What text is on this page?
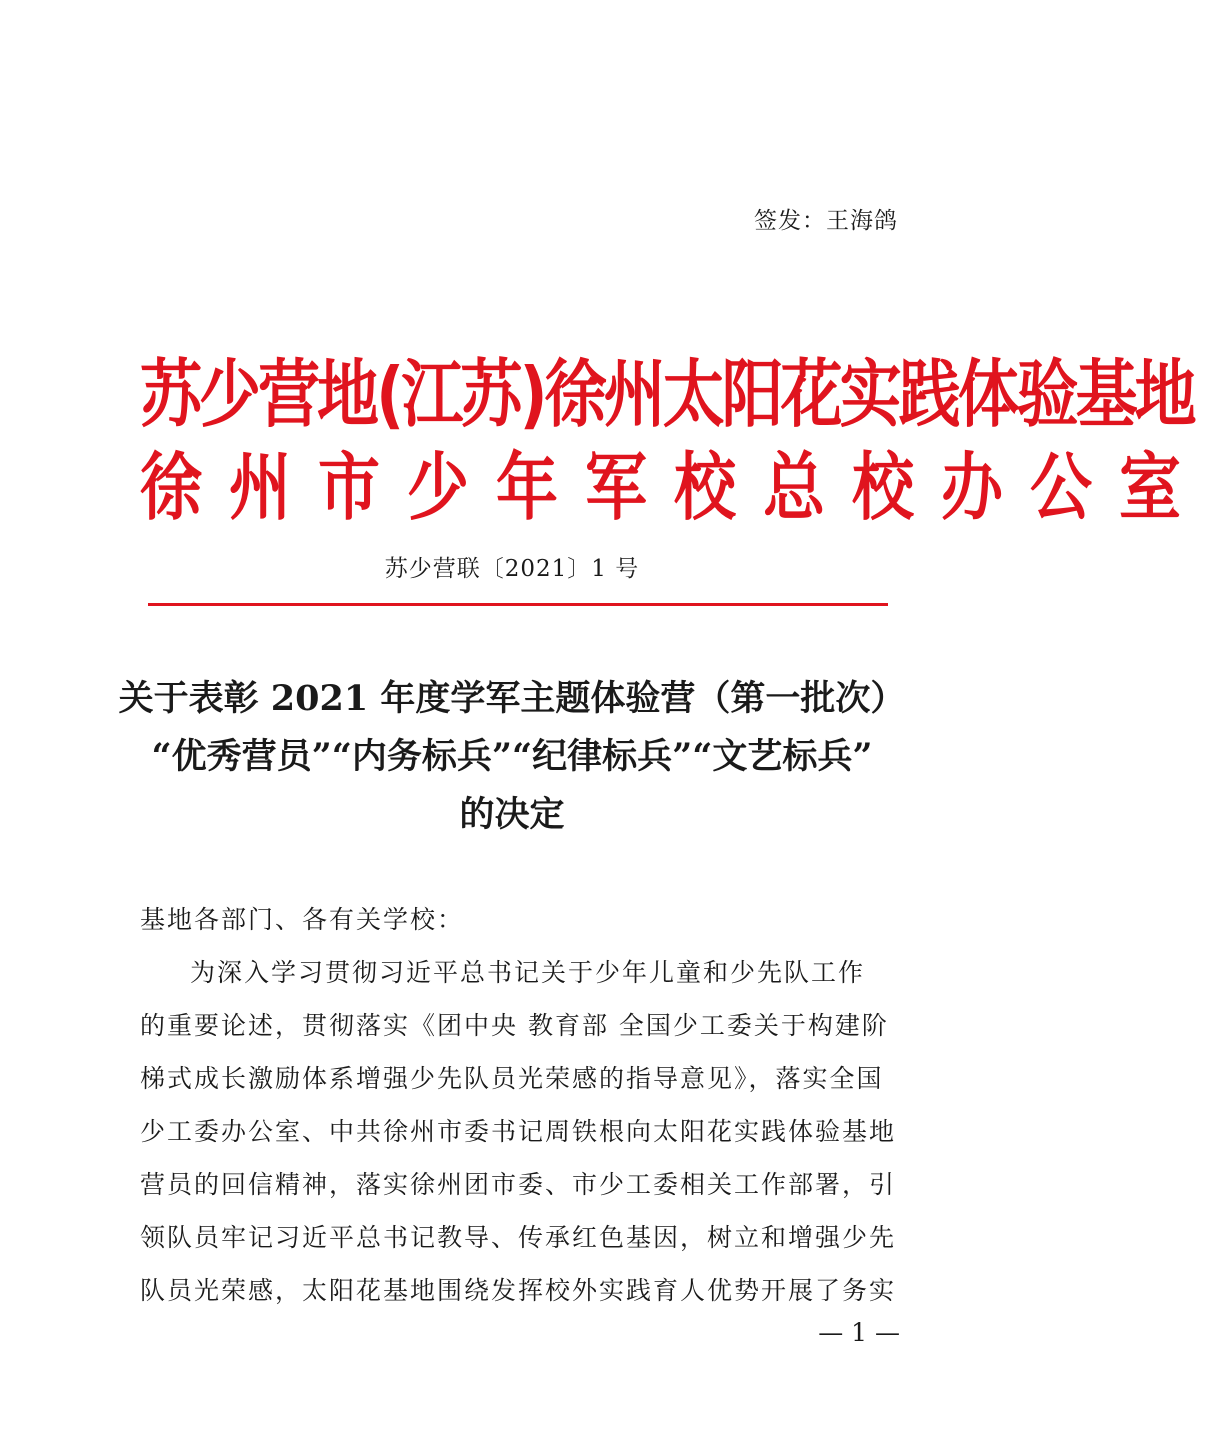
签发：王海鸽
苏少营地(江苏)徐州太阳花实践体验基地
徐州市少年军校总校办公室
苏少营联〔2021〕1 号
关于表彰 2021 年度学军主题体验营（第一批次）
“优秀营员”“内务标兵”“纪律标兵”“文艺标兵”
的决定
基地各部门、各有关学校：
为深入学习贯彻习近平总书记关于少年儿童和少先队工作
的重要论述，贯彻落实《团中央 教育部 全国少工委关于构建阶
梯式成长激励体系增强少先队员光荣感的指导意见》，落实全国
少工委办公室、中共徐州市委书记周铁根向太阳花实践体验基地
营员的回信精神，落实徐州团市委、市少工委相关工作部署，引
领队员牢记习近平总书记教导、传承红色基因，树立和增强少先
队员光荣感，太阳花基地围绕发挥校外实践育人优势开展了务实
— 1 —
